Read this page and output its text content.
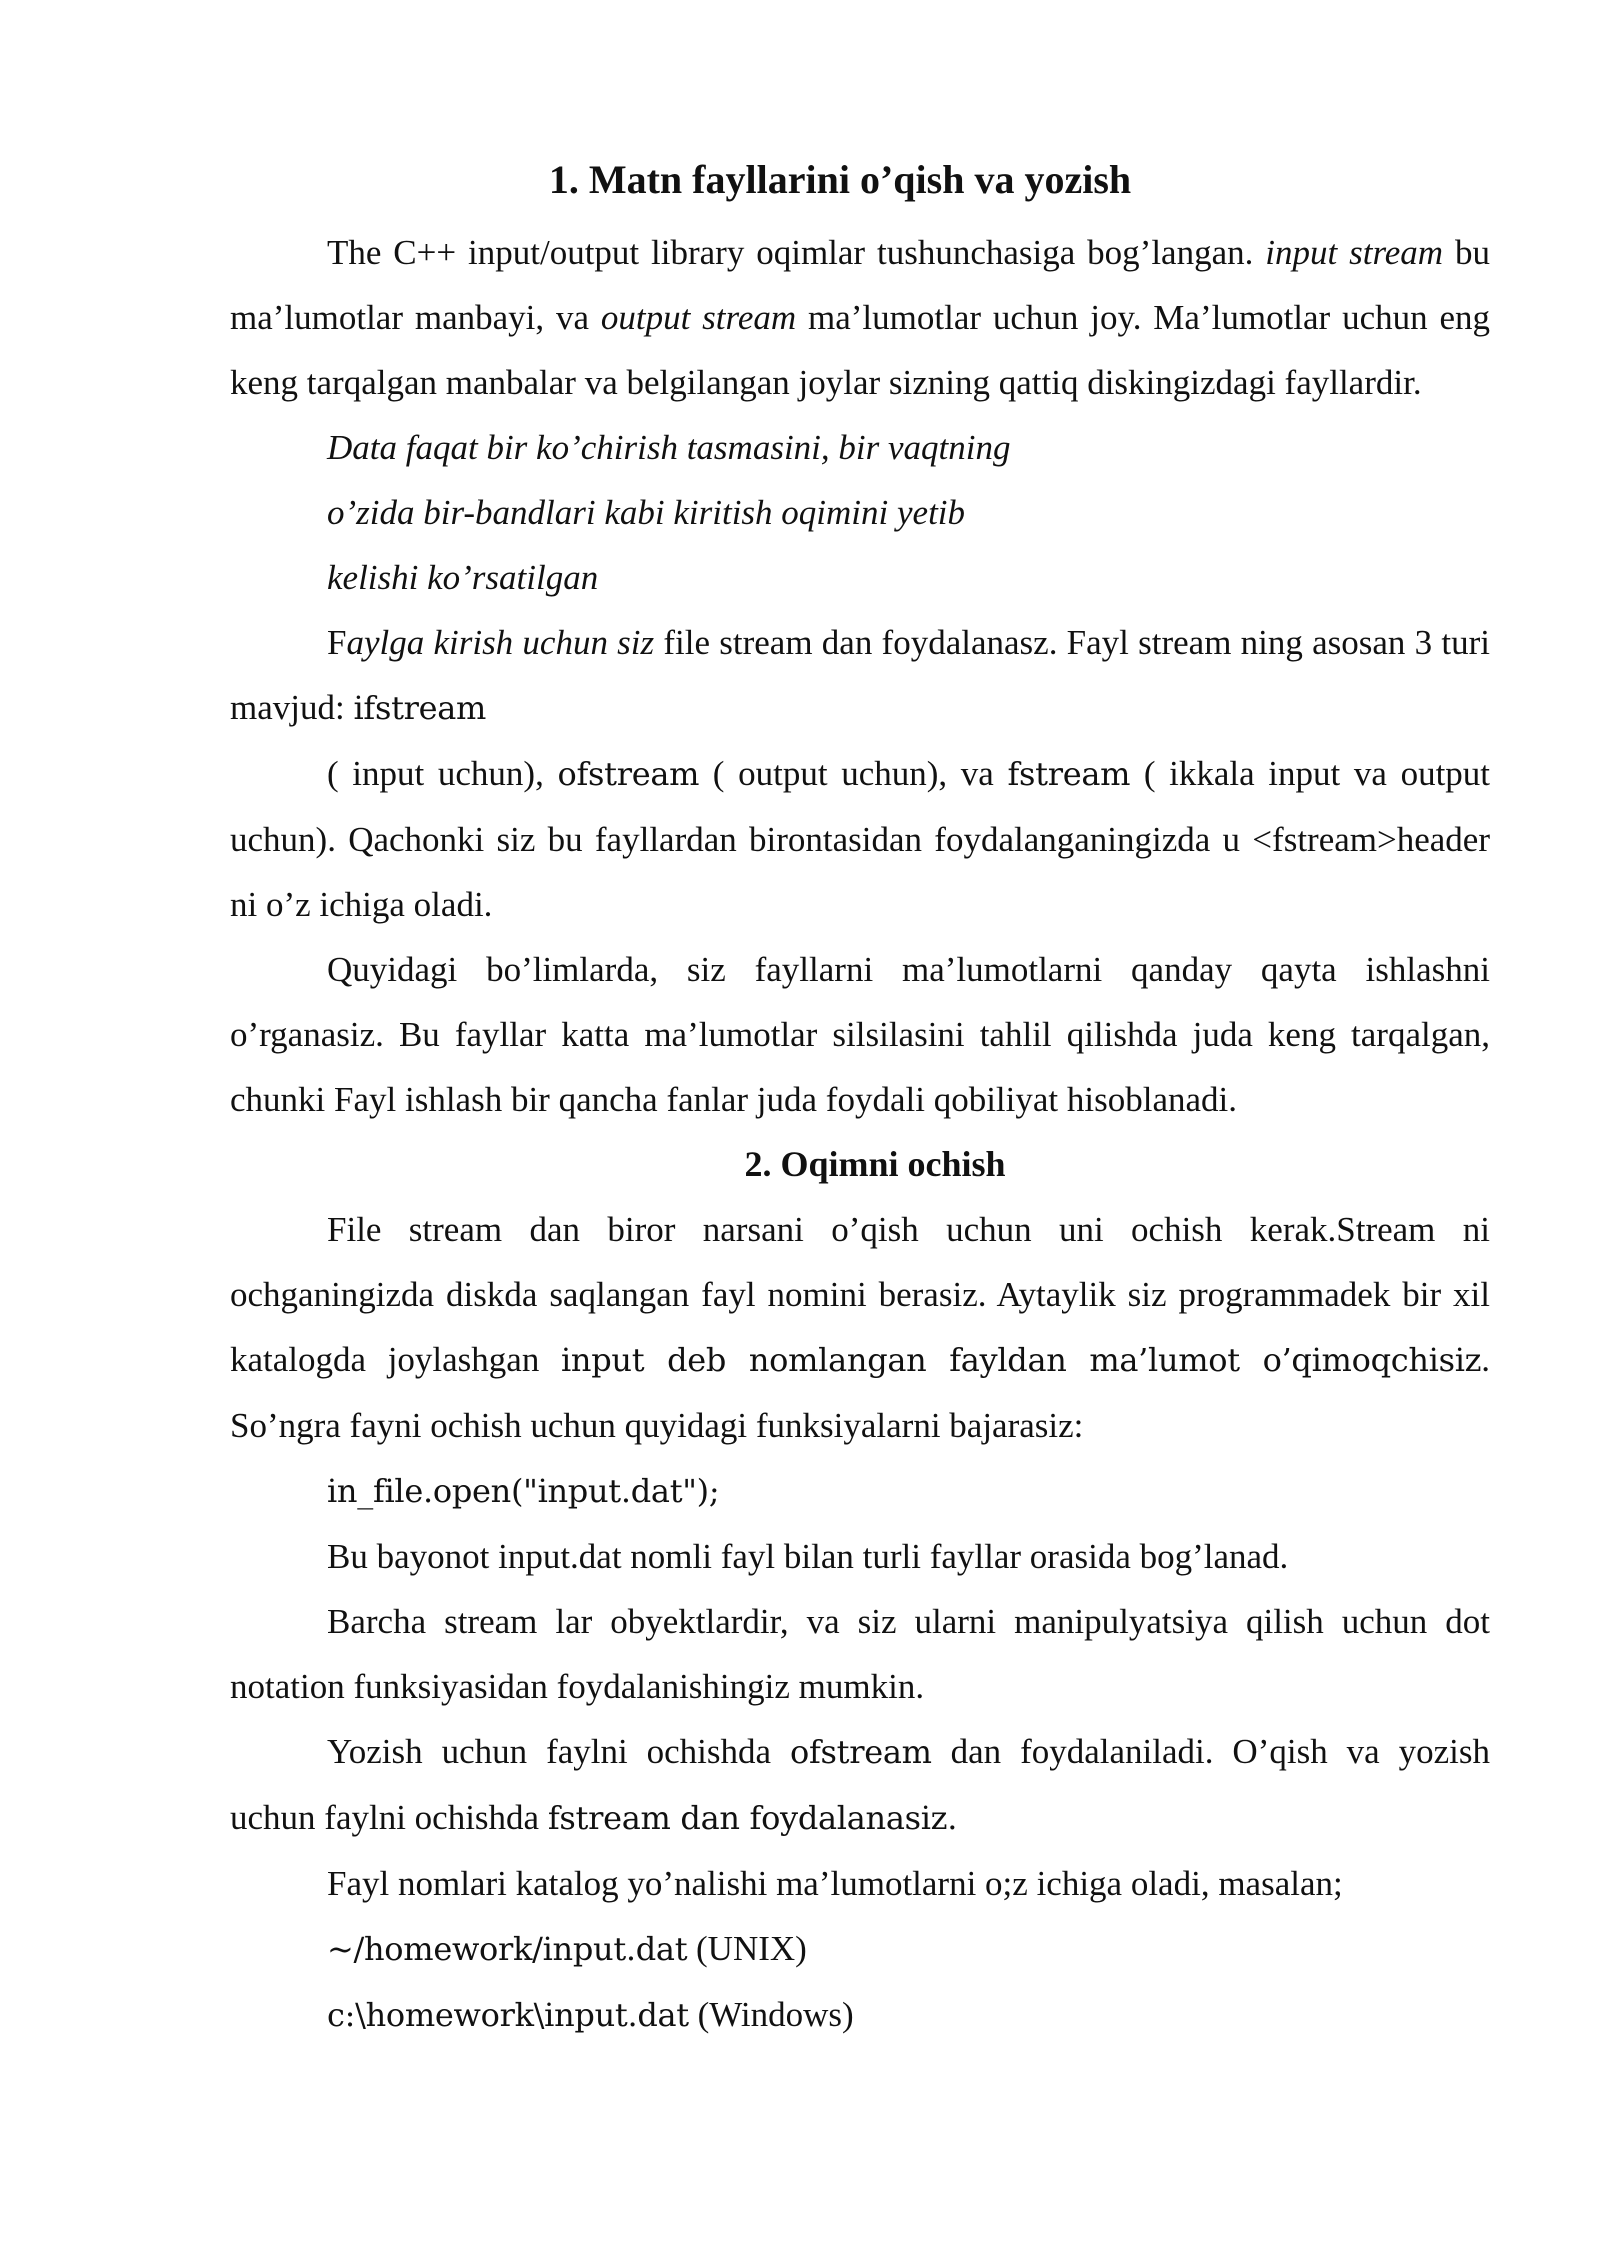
1. Matn fayllarini o’qish va yozish

The C++ input/output library oqimlar tushunchasiga bog’langan. input stream bu ma’lumotlar manbayi, va output stream ma’lumotlar uchun joy. Ma’lumotlar uchun eng keng tarqalgan manbalar va belgilangan joylar sizning qattiq diskingizdagi fayllardir.

Data faqat bir ko’chirish tasmasini, bir vaqtning
o’zida bir-bandlari kabi kiritish oqimini yetib
kelishi ko’rsatilgan

Faylga kirish uchun siz file stream dan foydalanasz. Fayl stream ning asosan 3 turi mavjud: ifstream

( input uchun), ofstream ( output uchun), va fstream ( ikkala input va output uchun). Qachonki siz bu fayllardan birontasidan foydalanganingizda u <fstream>header ni o’z ichiga oladi.

Quyidagi bo’limlarda, siz fayllarni ma’lumotlarni qanday qayta ishlashni o’rganasiz. Bu fayllar katta ma’lumotlar silsilasini tahlil qilishda juda keng tarqalgan, chunki Fayl ishlash bir qancha fanlar juda foydali qobiliyat hisoblanadi.

2. Oqimni ochish

File stream dan biror narsani o’qish uchun uni ochish kerak.Stream ni ochganingizda diskda saqlangan fayl nomini berasiz. Aytaylik siz programmadek bir xil katalogda joylashgan input deb nomlangan fayldan ma’lumot o’qimoqchisiz. So’ngra fayni ochish uchun quyidagi funksiyalarni bajarasiz:

in_file.open("input.dat");

Bu bayonot input.dat nomli fayl bilan turli fayllar orasida bog’lanad.

Barcha stream lar obyektlardir, va siz ularni manipulyatsiya qilish uchun dot notation funksiyasidan foydalanishingiz mumkin.

Yozish uchun faylni ochishda ofstream dan foydalaniladi. O’qish va yozish uchun faylni ochishda fstream dan foydalanasiz.

Fayl nomlari katalog yo’nalishi ma’lumotlarni o;z ichiga oladi, masalan;

~/homework/input.dat (UNIX)

c:\homework\input.dat (Windows)
